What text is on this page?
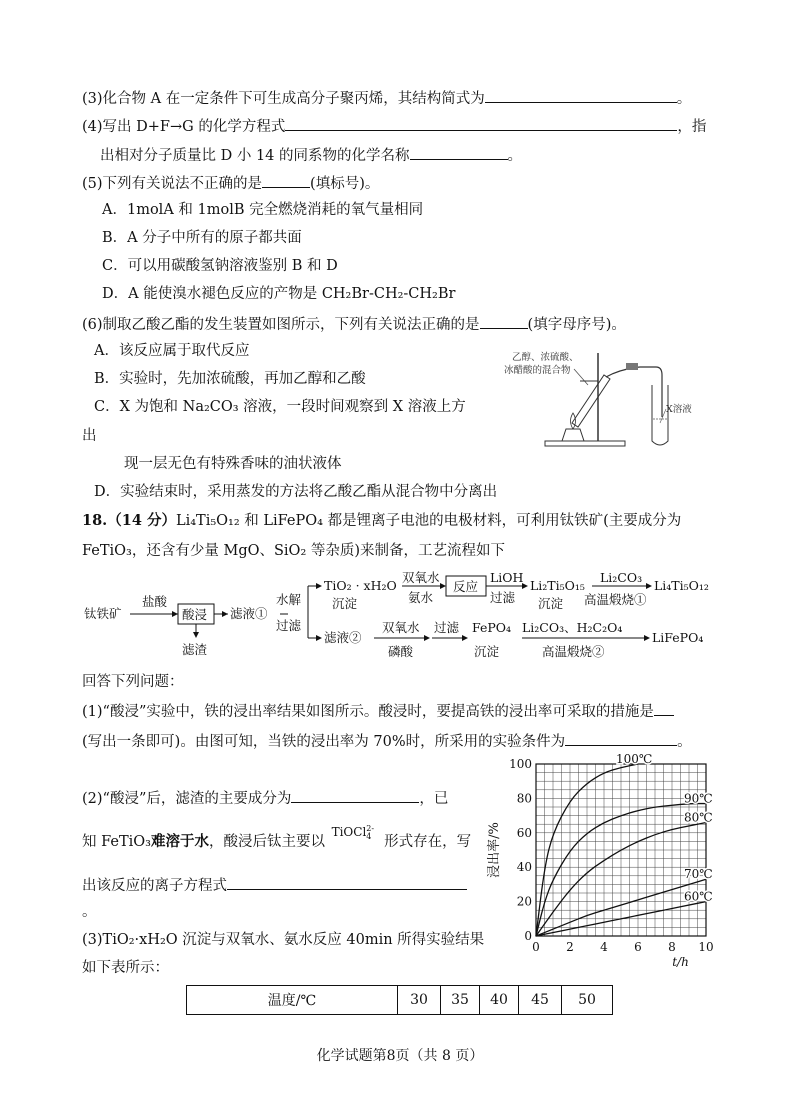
(3)化合物 A 在一定条件下可生成高分子聚丙烯，其结构简式为	。
(4)写出 D+F→G 的化学方程式	，指
出相对分子质量比 D 小 14 的同系物的化学名称	。
(5)下列有关说法不正确的是	(填标号)。
A．1molA 和 1molB 完全燃烧消耗的氧气量相同
B．A 分子中所有的原子都共面
C．可以用碳酸氢钠溶液鉴别 B 和 D
D．A 能使溴水褪色反应的产物是 CH₂Br-CH₂-CH₂Br
(6)制取乙酸乙酯的发生装置如图所示，下列有关说法正确的是	(填字母序号)。
A．该反应属于取代反应
B．实验时，先加浓硫酸，再加乙醇和乙酸
C．X 为饱和 Na₂CO₃ 溶液，一段时间观察到 X 溶液上方
出
现一层无色有特殊香味的油状液体
D．实验结束时，采用蒸发的方法将乙酸乙酯从混合物中分离出
乙醇、浓硫酸、
冰醋酸的混合物
X溶液
18.（14 分）Li₄Ti₅O₁₂ 和 LiFePO₄ 都是锂离子电池的电极材料，可利用钛铁矿(主要成分为
FeTiO₃，还含有少量 MgO、SiO₂ 等杂质)来制备，工艺流程如下
钛铁矿
盐酸
酸浸
滤渣
滤液①
水解
过滤
TiO₂ · xH₂O
沉淀
双氧水
氨水
反应
LiOH
过滤
Li₂Ti₅O₁₅
沉淀
Li₂CO₃
高温煅烧①
Li₄Ti₅O₁₂
滤液②
双氧水
磷酸
过滤 FePO₄
沉淀
Li₂CO₃、H₂C₂O₄
高温煅烧②
LiFePO₄
回答下列问题：
(1)“酸浸”实验中，铁的浸出率结果如图所示。酸浸时，要提高铁的浸出率可采取的措施是
(写出一条即可)。由图可知，当铁的浸出率为 70%时，所采用的实验条件为	。
(2)“酸浸”后，滤渣的主要成分为	，已
知 FeTiO₃难溶于水，酸浸后钛主要以 TiOCl 2-
4 形式存在，写
出该反应的离子方程式
。
(3)TiO₂·xH₂O 沉淀与双氧水、氨水反应 40min 所得实验结果
如下表所示：
0 2 4 6 8 10
0
20
40
60
80
100
t/h
浸出率/%
100℃
90℃
80℃
70℃
60℃
温度/℃	30	35	40	45	50
化学试题第8页（共 8 页）
